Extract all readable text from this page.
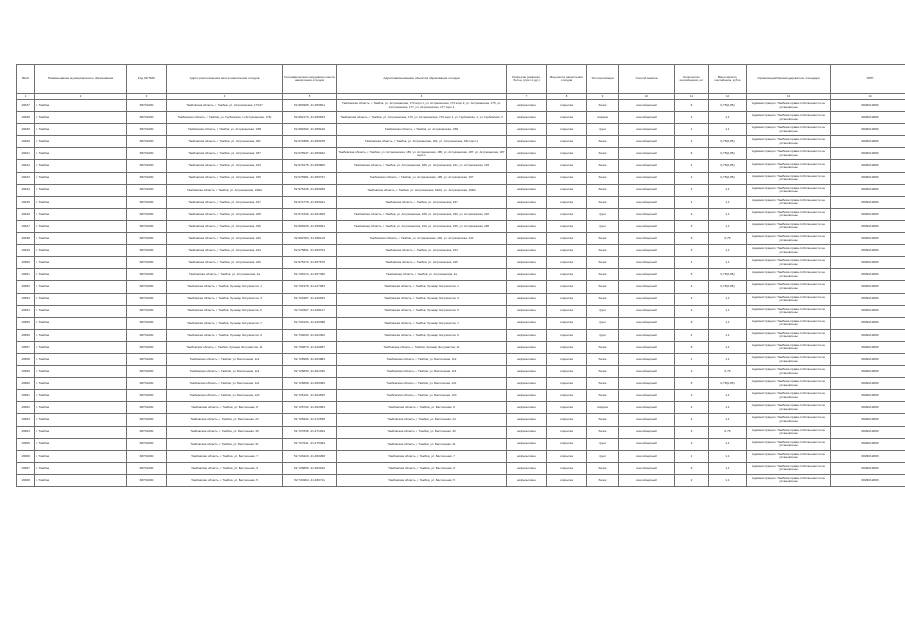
№п/п	Наименование муниципального образования	Код ОКТМО	Адрес расположения места накопления отходов	Географические координаты места накопления отходов	Адрес/наименование объектов образования отходов	Покрытие (асфальт, бетон, грунт и др.)	Вид места накопления отходов	Тип контейнера	Способ вывоза	Количество контейнеров, шт	Вместимость контейнера, куб.м	Организация/балансодержатель площадки	ИНН
1	2	3	4	5	6	7	8	9	10	11	12	13	14
13637	г. Тамбов	68701000	Тамбовская область, г. Тамбов, ул. Астраханская, 173/17	52.683965, 41.456521	Тамбовская область, г. Тамбов, ул. Астраханская, 173 корп.1, ул. Астраханская, 173 корп.2, ул. Астраханская, 175, ул. Астраханская, 177, ул. Астраханская, 177 корп.1	асфальтовое	открытая	бачок	контейнерный	6	0,75(0,85)	Администрация г.Тамбова права собственности не установлены	6829012680
13638	г. Тамбов	68701000	Тамбовская область, г. Тамбов, ул. Гербовская, 1 (Астраханская, 179)	52.682173, 41.455533	Тамбовская область, г. Тамбов, ул. Астраханская, 179, ул. Астраханская, 179 корп.1, ул. Гербовская, 1, ул. Гербовская, 3	асфальтовое	открытая	пофрон	контейнерный	2	1,1	Администрация г.Тамбова права собственности не установлены	6829012680
13639	г. Тамбов	68701000	Тамбовская область, г. Тамбов, ул. Астраханская, 1/65	52.684692, 41.458146	Тамбовская область, г. Тамбов, ул. Астраханская, 1/65	асфальтовое	открытая	грунт	контейнерный	1	1,1	Администрация г.Тамбова права собственности не установлены	6829012680
13640	г. Тамбов	68701000	Тамбовская область, г. Тамбов, ул. Астраханская, 181	52.679385, 41.456078	Тамбовская область, г. Тамбов, ул. Астраханская, 181, ул. Астраханская, 181 корп.1	асфальтовое	открытая	бачок	контейнерный	2	0,75(0,85)	Администрация г.Тамбова права собственности не установлены	6829012680
13641	г. Тамбов	68701000	Тамбовская область, г. Тамбов, ул. Астраханская, 187	52.678937, 41.456942	Тамбовская область, г. Тамбов, ул. Астраханская, 183, ул. Астраханская, 185, ул. Астраханская, 187, ул. Астраханская, 187 корп.1	асфальтовое	открытая	бачок	контейнерный	6	0,75(0,85)	Администрация г.Тамбова права собственности не установлены	6829012680
13642	г. Тамбов	68701000	Тамбовская область, г. Тамбов, ул. Астраханская, 193	52.678175, 41.456806	Тамбовская область, г. Тамбов, ул. Астраханская, 189, ул. Астраханская, 191, ул. Астраханская, 193	асфальтовое	открытая	бачок	контейнерный	4	0,75(0,85)	Администрация г.Тамбова права собственности не установлены	6829012680
13643	г. Тамбов	68701000	Тамбовская область, г. Тамбов, ул. Астраханская, 195	52.676981, 41.456731	Тамбовская область, г. Тамбов, ул. Астраханская, 195, ул. Астраханская, 197	асфальтовое	открытая	бачок	контейнерный	2	0,75(0,85)	Администрация г.Тамбова права собственности не установлены	6829012680
13644	г. Тамбов	68701000	Тамбовская область, г. Тамбов, ул. Астраханская, 199/2	52.675445, 41.456269	Тамбовская область, г. Тамбов, ул. Астраханская, 199/1, ул. Астраханская, 199/2	асфальтовое	открытая	бачок	контейнерный	2	1,1	Администрация г.Тамбова права собственности не установлены	6829012680
13645	г. Тамбов	68701000	Тамбовская область, г. Тамбов, ул. Астраханская, 197	52.674770, 41.455241	Тамбовская область, г. Тамбов, ул. Астраханская, 197	асфальтовое	открытая	бачок	контейнерный	1	1,1	Администрация г.Тамбова права собственности не установлены	6829012680
13646	г. Тамбов	68701000	Тамбовская область, г. Тамбов, ул. Астраханская, 228	52.674349, 41.461609	Тамбовская область, г. Тамбов, ул. Астраханская, 228, ул. Астраханская, 230, ул. Астраханская, 232	асфальтовое	открытая	грунт	контейнерный	2	1,1	Администрация г.Тамбова права собственности не установлены	6829012680
13647	г. Тамбов	68701000	Тамбовская область, г. Тамбов, ул. Астраханская, 236	52.684025, 41.458291	Тамбовская область, г. Тамбов, ул. Астраханская, 234, ул. Астраханская, 236, ул. Астраханская, 238	асфальтовое	открытая	грунт	контейнерный	3	1,1	Администрация г.Тамбова права собственности не установлены	6829012680
13648	г. Тамбов	68701000	Тамбовская область, г. Тамбов, ул. Астраханская, 240	52.682784, 41.458119	Тамбовская область, г. Тамбов, ул. Астраханская, 240, ул. Астраханская, 242	асфальтовое	открытая	бачок	контейнерный	6	0,75	Администрация г.Тамбова права собственности не установлены	6829012680
13649	г. Тамбов	68701000	Тамбовская область, г. Тамбов, ул. Астраханская, 244	52.675801, 41.455704	Тамбовская область, г. Тамбов, ул. Астраханская, 244	асфальтовое	открытая	бачок	контейнерный	3	1,1	Администрация г.Тамбова права собственности не установлены	6829012680
13650	г. Тамбов	68701000	Тамбовская область, г. Тамбов, ул. Астраханская, 246	52.675272, 41.457676	Тамбовская область, г. Тамбов, ул. Астраханская, 246	асфальтовое	открытая	бачок	контейнерный	1	1,1	Администрация г.Тамбова права собственности не установлены	6829012680
13651	г. Тамбов	68701000	Тамбовская область, г. Тамбов, ул. Астраханская, 4а	52.738174, 41.457356	Тамбовская область, г. Тамбов, ул. Астраханская, 4а	асфальтовое	открытая	бачок	контейнерный	5	0,75(0,85)	Администрация г.Тамбова права собственности не установлены	6829012680
13652	г. Тамбов	68701000	Тамбовская область, г. Тамбов, бульвар Энтузиастов, 1	52.731978, 41.447383	Тамбовская область, г. Тамбов, бульвар Энтузиастов, 1	асфальтовое	открытая	бачок	контейнерный	4	0,75(0,85)	Администрация г.Тамбова права собственности не установлены	6829012680
13653	г. Тамбов	68701000	Тамбовская область, г. Тамбов, бульвар Энтузиастов, 3	52.729487, 41.426033	Тамбовская область, г. Тамбов, бульвар Энтузиастов, 3	асфальтовое	открытая	бачок	контейнерный	2	1,1	Администрация г.Тамбова права собственности не установлены	6829012680
13654	г. Тамбов	68701000	Тамбовская область, г. Тамбов, бульвар Энтузиастов, 5	52.729327, 41.428117	Тамбовская область, г. Тамбов, бульвар Энтузиастов, 5	асфальтовое	открытая	грунт	контейнерный	2	1,1	Администрация г.Тамбова права собственности не установлены	6829012680
13655	г. Тамбов	68701000	Тамбовская область, г. Тамбов, бульвар Энтузиастов, 7	52.730133, 41.425398	Тамбовская область, г. Тамбов, бульвар Энтузиастов, 7	асфальтовое	открытая	грунт	контейнерный	6	1,1	Администрация г.Тамбова права собственности не установлены	6829012680
13656	г. Тамбов	68701000	Тамбовская область, г. Тамбов, бульвар Энтузиастов, 9	52.730033, 41.422302	Тамбовская область, г. Тамбов, бульвар Энтузиастов, 9	асфальтовое	открытая	грунт	контейнерный	4	1,1	Администрация г.Тамбова права собственности не установлены	6829012680
13657	г. Тамбов	68701000	Тамбовская область, г. Тамбов, бульвар Энтузиастов, 11	52.730873, 41.420287	Тамбовская область, г. Тамбов, бульвар Энтузиастов, 11	асфальтовое	открытая	бачок	контейнерный	5	1,1	Администрация г.Тамбова права собственности не установлены	6829012680
13658	г. Тамбов	68701000	Тамбовская область, г. Тамбов, ул. Бастионная, 112	52.728995, 41.463883	Тамбовская область, г. Тамбов, ул. Бастионная, 112	асфальтовое	открытая	бачок	контейнерный	1	1,1	Администрация г.Тамбова права собственности не установлены	6829012680
13659	г. Тамбов	68701000	Тамбовская область, г. Тамбов, ул. Бастионная, 114	52.726833, 41.461345	Тамбовская область, г. Тамбов, ул. Бастионная, 114	асфальтовое	открытая	бачок	контейнерный	2	0,75	Администрация г.Тамбова права собственности не установлены	6829012680
13660	г. Тамбов	68701000	Тамбовская область, г. Тамбов, ул. Бастионная, 121	52.725808, 41.459465	Тамбовская область, г. Тамбов, ул. Бастионная, 121	асфальтовое	открытая	бачок	контейнерный	5	0,75(0,85)	Администрация г.Тамбова права собственности не установлены	6829012680
13661	г. Тамбов	68701000	Тамбовская область, г. Тамбов, ул. Бастионная, 124	52.726101, 41.464525	Тамбовская область, г. Тамбов, ул. Бастионная, 124	асфальтовое	открытая	бачок	контейнерный	2	1,1	Администрация г.Тамбова права собственности не установлены	6829012680
13662	г. Тамбов	68701000	Тамбовская область, г. Тамбов, ул. Бастионная, 8	52.725742, 41.452054	Тамбовская область, г. Тамбов, ул. Бастионная, 8	асфальтовое	открытая	пофрон	контейнерный	2	1,1	Администрация г.Тамбова права собственности не установлены	6829012680
13663	г. Тамбов	68701000	Тамбовская область, г. Тамбов, ул. Бастионная, 24	52.728432, 41.472538	Тамбовская область, г. Тамбов, ул. Бастионная, 24	асфальтовое	открытая	бачок	контейнерный	4	1,1	Администрация г.Тамбова права собственности не установлены	6829012680
13664	г. Тамбов	68701000	Тамбовская область, г. Тамбов, ул. Бастионная, 30	52.727846, 41.471294	Тамбовская область, г. Тамбов, ул. Бастионная, 30	асфальтовое	открытая	бачок	контейнерный	3	0,75	Администрация г.Тамбова права собственности не установлены	6829012680
13665	г. Тамбов	68701000	Тамбовская область, г. Тамбов, ул. Бастионная, 31	52.727641, 41.475494	Тамбовская область, г. Тамбов, ул. Бастионная, 31	асфальтовое	открытая	грунт	контейнерный	2	1,1	Администрация г.Тамбова права собственности не установлены	6829012680
13666	г. Тамбов	68701000	Тамбовская область, г. Тамбов, ул. Бастионная, 7	52.729420, 41.460298	Тамбовская область, г. Тамбов, ул. Бастионная, 7	асфальтовое	открытая	грунт	контейнерный	1	1,1	Администрация г.Тамбова права собственности не установлены	6829012680
13667	г. Тамбов	68701000	Тамбовская область, г. Тамбов, ул. Бастионная, 9	52.728866, 41.466232	Тамбовская область, г. Тамбов, ул. Бастионная, 9	асфальтовое	открытая	бачок	контейнерный	5	1,1	Администрация г.Тамбова права собственности не установлены	6829012680
13668	г. Тамбов	68701000	Тамбовская область, г. Тамбов, ул. Бастионная, 5	52.730264, 41.460711	Тамбовская область, г. Тамбов, ул. Бастионная, 5	асфальтовое	открытая	бачок	контейнерный	2	1,1	Администрация г.Тамбова права собственности не установлены	6829012680
